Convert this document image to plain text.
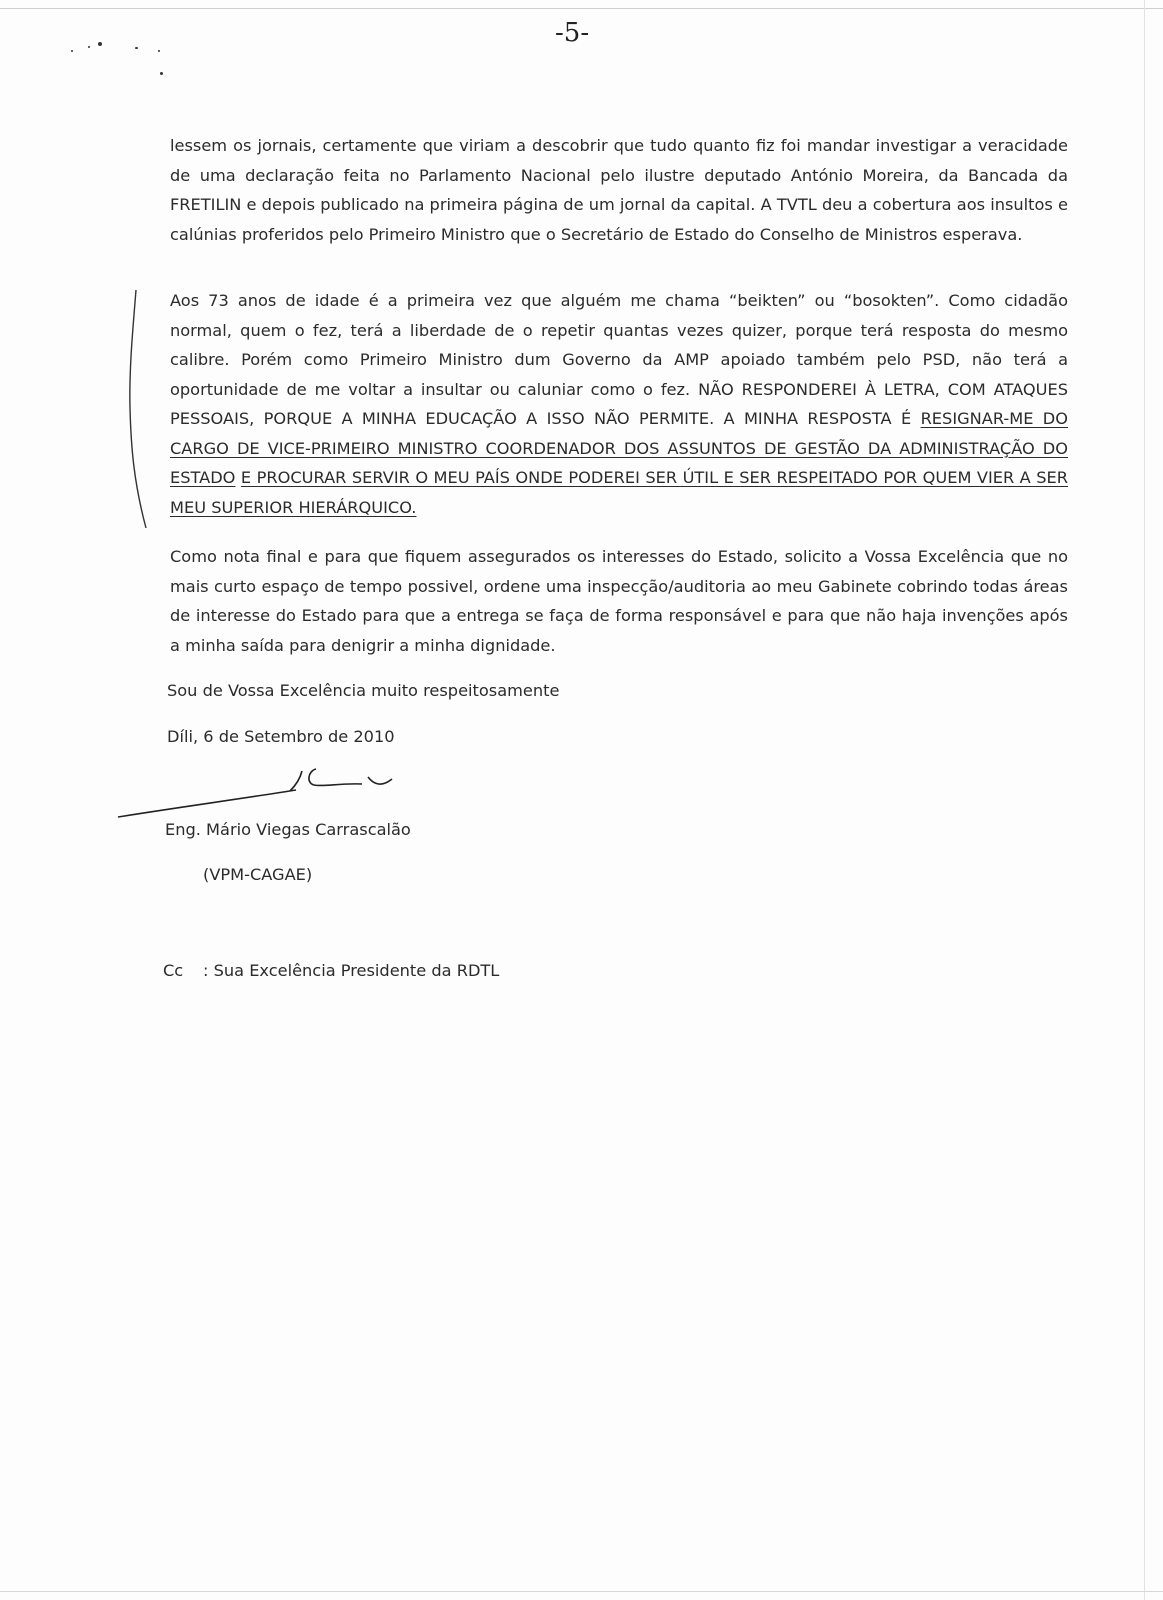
-5-

lessem os jornais, certamente que viriam a descobrir que tudo quanto fiz foi mandar investigar a veracidade de uma declaração feita no Parlamento Nacional pelo ilustre deputado António Moreira, da Bancada da FRETILIN e depois publicado na primeira página de um jornal da capital. A TVTL deu a cobertura aos insultos e calúnias proferidos pelo Primeiro Ministro que o Secretário de Estado do Conselho de Ministros esperava.

Aos 73 anos de idade é a primeira vez que alguém me chama “beikten” ou “bosokten”. Como cidadão normal, quem o fez, terá a liberdade de o repetir quantas vezes quizer, porque terá resposta do mesmo calibre. Porém como Primeiro Ministro dum Governo da AMP apoiado também pelo PSD, não terá a oportunidade de me voltar a insultar ou caluniar como o fez. NÃO RESPONDEREI À LETRA, COM ATAQUES PESSOAIS, PORQUE A MINHA EDUCAÇÃO A ISSO NÃO PERMITE. A MINHA RESPOSTA É RESIGNAR-ME DO CARGO DE VICE-PRIMEIRO MINISTRO COORDENADOR DOS ASSUNTOS DE GESTÃO DA ADMINISTRAÇÃO DO ESTADO E PROCURAR SERVIR O MEU PAÍS ONDE PODEREI SER ÚTIL E SER RESPEITADO POR QUEM VIER A SER MEU SUPERIOR HIERÁRQUICO.

Como nota final e para que fiquem assegurados os interesses do Estado, solicito a Vossa Excelência que no mais curto espaço de tempo possivel, ordene uma inspecção/auditoria ao meu Gabinete cobrindo todas áreas de interesse do Estado para que a entrega se faça de forma responsável e para que não haja invenções após a minha saída para denigrir a minha dignidade.

Sou de Vossa Excelência muito respeitosamente

Díli, 6 de Setembro de 2010

Eng. Mário Viegas Carrascalão

(VPM-CAGAE)

Cc : Sua Excelência Presidente da RDTL
